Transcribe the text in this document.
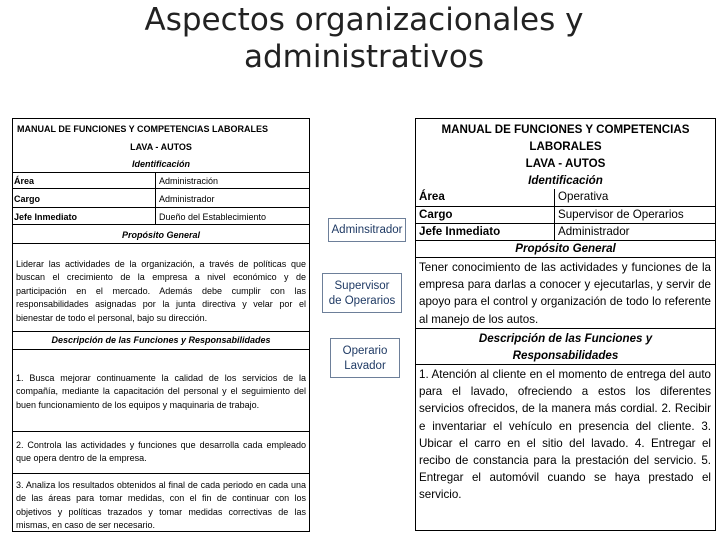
Aspectos organizacionales y
administrativos
MANUAL DE FUNCIONES Y COMPETENCIAS LABORALES
LAVA - AUTOS
Identificación
Área	Administración
Cargo	Administrador
Jefe Inmediato	Dueño del Establecimiento
Propósito General
Liderar las actividades de la organización, a través de políticas que buscan el crecimiento de la empresa a nivel económico y de participación en el mercado. Además debe cumplir con las responsabilidades asignadas por la junta directiva y velar por el bienestar de todo el personal, bajo su dirección.
Descripción de las Funciones y Responsabilidades
1. Busca mejorar continuamente la calidad de los servicios de la compañía, mediante la capacitación del personal y el seguimiento del buen funcionamiento de los equipos y maquinaria de trabajo.
2. Controla las actividades y funciones que desarrolla cada empleado que opera dentro de la empresa.
3. Analiza los resultados obtenidos al final de cada periodo en cada una de las áreas para tomar medidas, con el fin de continuar con los objetivos y políticas trazados y tomar medidas correctivas de las mismas, en caso de ser necesario.
Adminsitrador
Supervisor
de Operarios
Operario
Lavador
MANUAL DE FUNCIONES Y COMPETENCIAS
LABORALES
LAVA - AUTOS
Identificación
Área	Operativa
Cargo	Supervisor de Operarios
Jefe Inmediato	Administrador
Propósito General
Tener conocimiento de las actividades y funciones de la empresa para darlas a conocer y ejecutarlas, y servir de apoyo para el control y organización de todo lo referente al manejo de los autos.
Descripción de las Funciones y
Responsabilidades
1. Atención al cliente en el momento de entrega del auto para el lavado, ofreciendo a estos los diferentes servicios ofrecidos, de la manera más cordial. 2. Recibir e inventariar el vehículo en presencia del cliente. 3. Ubicar el carro en el sitio del lavado. 4. Entregar el recibo de constancia para la prestación del servicio. 5. Entregar el automóvil cuando se haya prestado el servicio.
